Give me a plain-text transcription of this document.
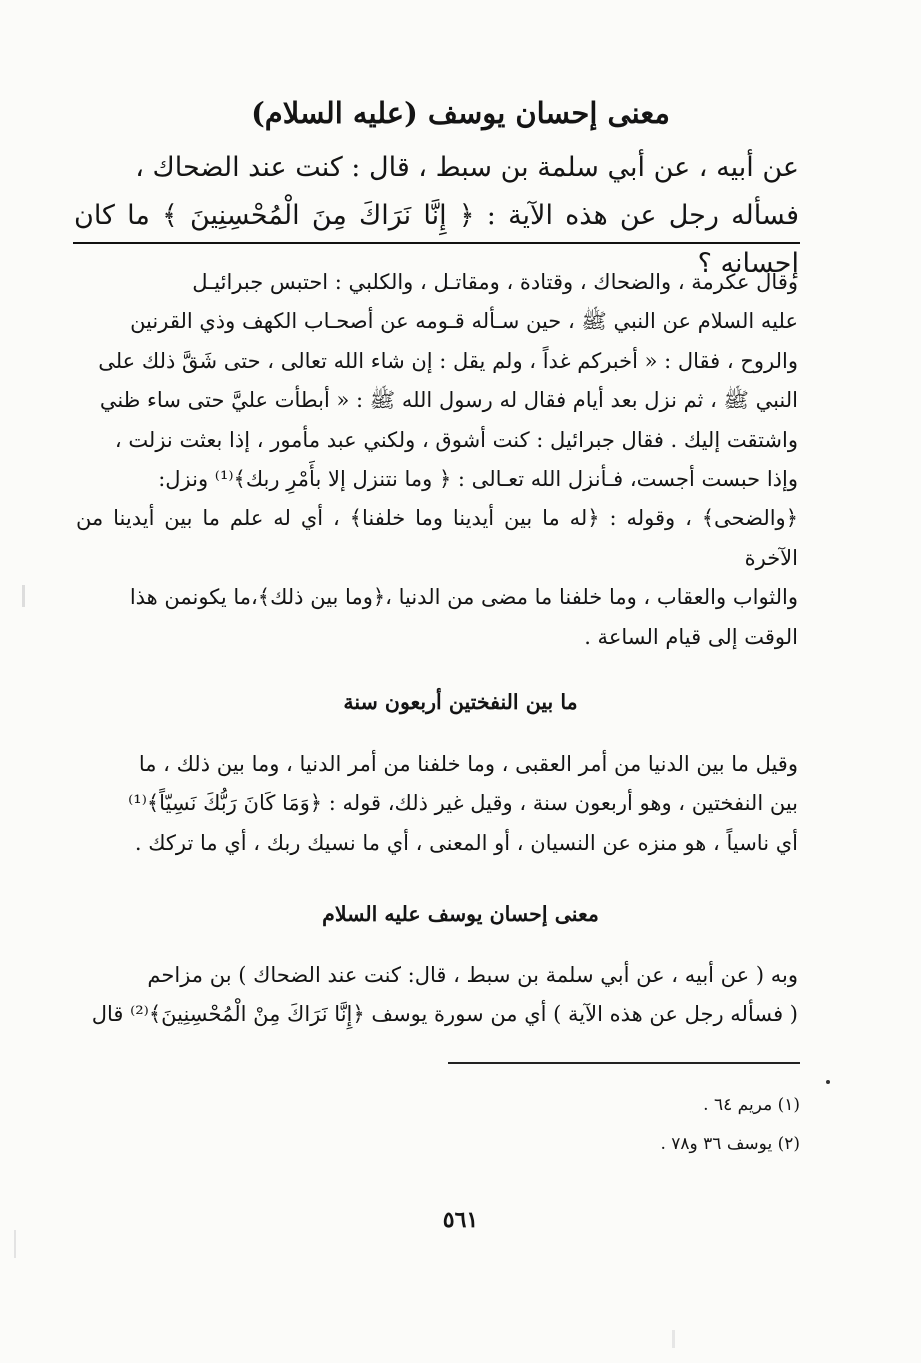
معنى إحسان يوسف (عليه السلام)
عن أبيه ، عن أبي سلمة بن سبط ، قال : كنت عند الضحاك ،
فسأله رجل عن هذه الآية : ﴿ إِنَّا نَرَاكَ مِنَ الْمُحْسِنِينَ ﴾ ما كان إحسانه ؟
وقال عكرمة ، والضحاك ، وقتادة ، ومقاتـل ، والكلبي : احتبس جبرائيـل
عليه السلام عن النبي ﷺ ، حين سـأله قـومه عن أصحـاب الكهف وذي القرنين
والروح ، فقال : « أخبركم غداً ، ولم يقل : إن شاء الله تعالى ، حتى شَقَّ ذلك على
النبي ﷺ ، ثم نزل بعد أيام فقال له رسول الله ﷺ : « أبطأت عليَّ حتى ساء ظني
واشتقت إليك . فقال جبرائيل : كنت أشوق ، ولكني عبد مأمور ، إذا بعثت نزلت ،
وإذا حبست أجست، فـأنزل الله تعـالى : ﴿ وما نتنزل إلا بأَمْرِ ربك﴾⁽¹⁾ ونزل:
﴿والضحى﴾ ، وقوله : ﴿له ما بين أيدينا وما خلفنا﴾ ، أي له علم ما بين أيدينا من الآخرة
والثواب والعقاب ، وما خلفنا ما مضى من الدنيا ،﴿وما بين ذلك﴾،ما يكونمن هذا
الوقت إلى قيام الساعة .
ما بين النفختين أربعون سنة
وقيل ما بين الدنيا من أمر العقبى ، وما خلفنا من أمر الدنيا ، وما بين ذلك ، ما
بين النفختين ، وهو أربعون سنة ، وقيل غير ذلك، قوله : ﴿وَمَا كَانَ رَبُّكَ نَسِيّاً﴾⁽¹⁾
أي ناسياً ، هو منزه عن النسيان ، أو المعنى ، أي ما نسيك ربك ، أي ما تركك .
معنى إحسان يوسف عليه السلام
وبه ( عن أبيه ، عن أبي سلمة بن سبط ، قال: كنت عند الضحاك ) بن مزاحم
( فسأله رجل عن هذه الآية ) أي من سورة يوسف ﴿إِنَّا نَرَاكَ مِنْ الْمُحْسِنِينَ﴾⁽²⁾ قال
(١) مريم ٦٤ .
(٢) يوسف ٣٦ و٧٨ .
٥٦١
